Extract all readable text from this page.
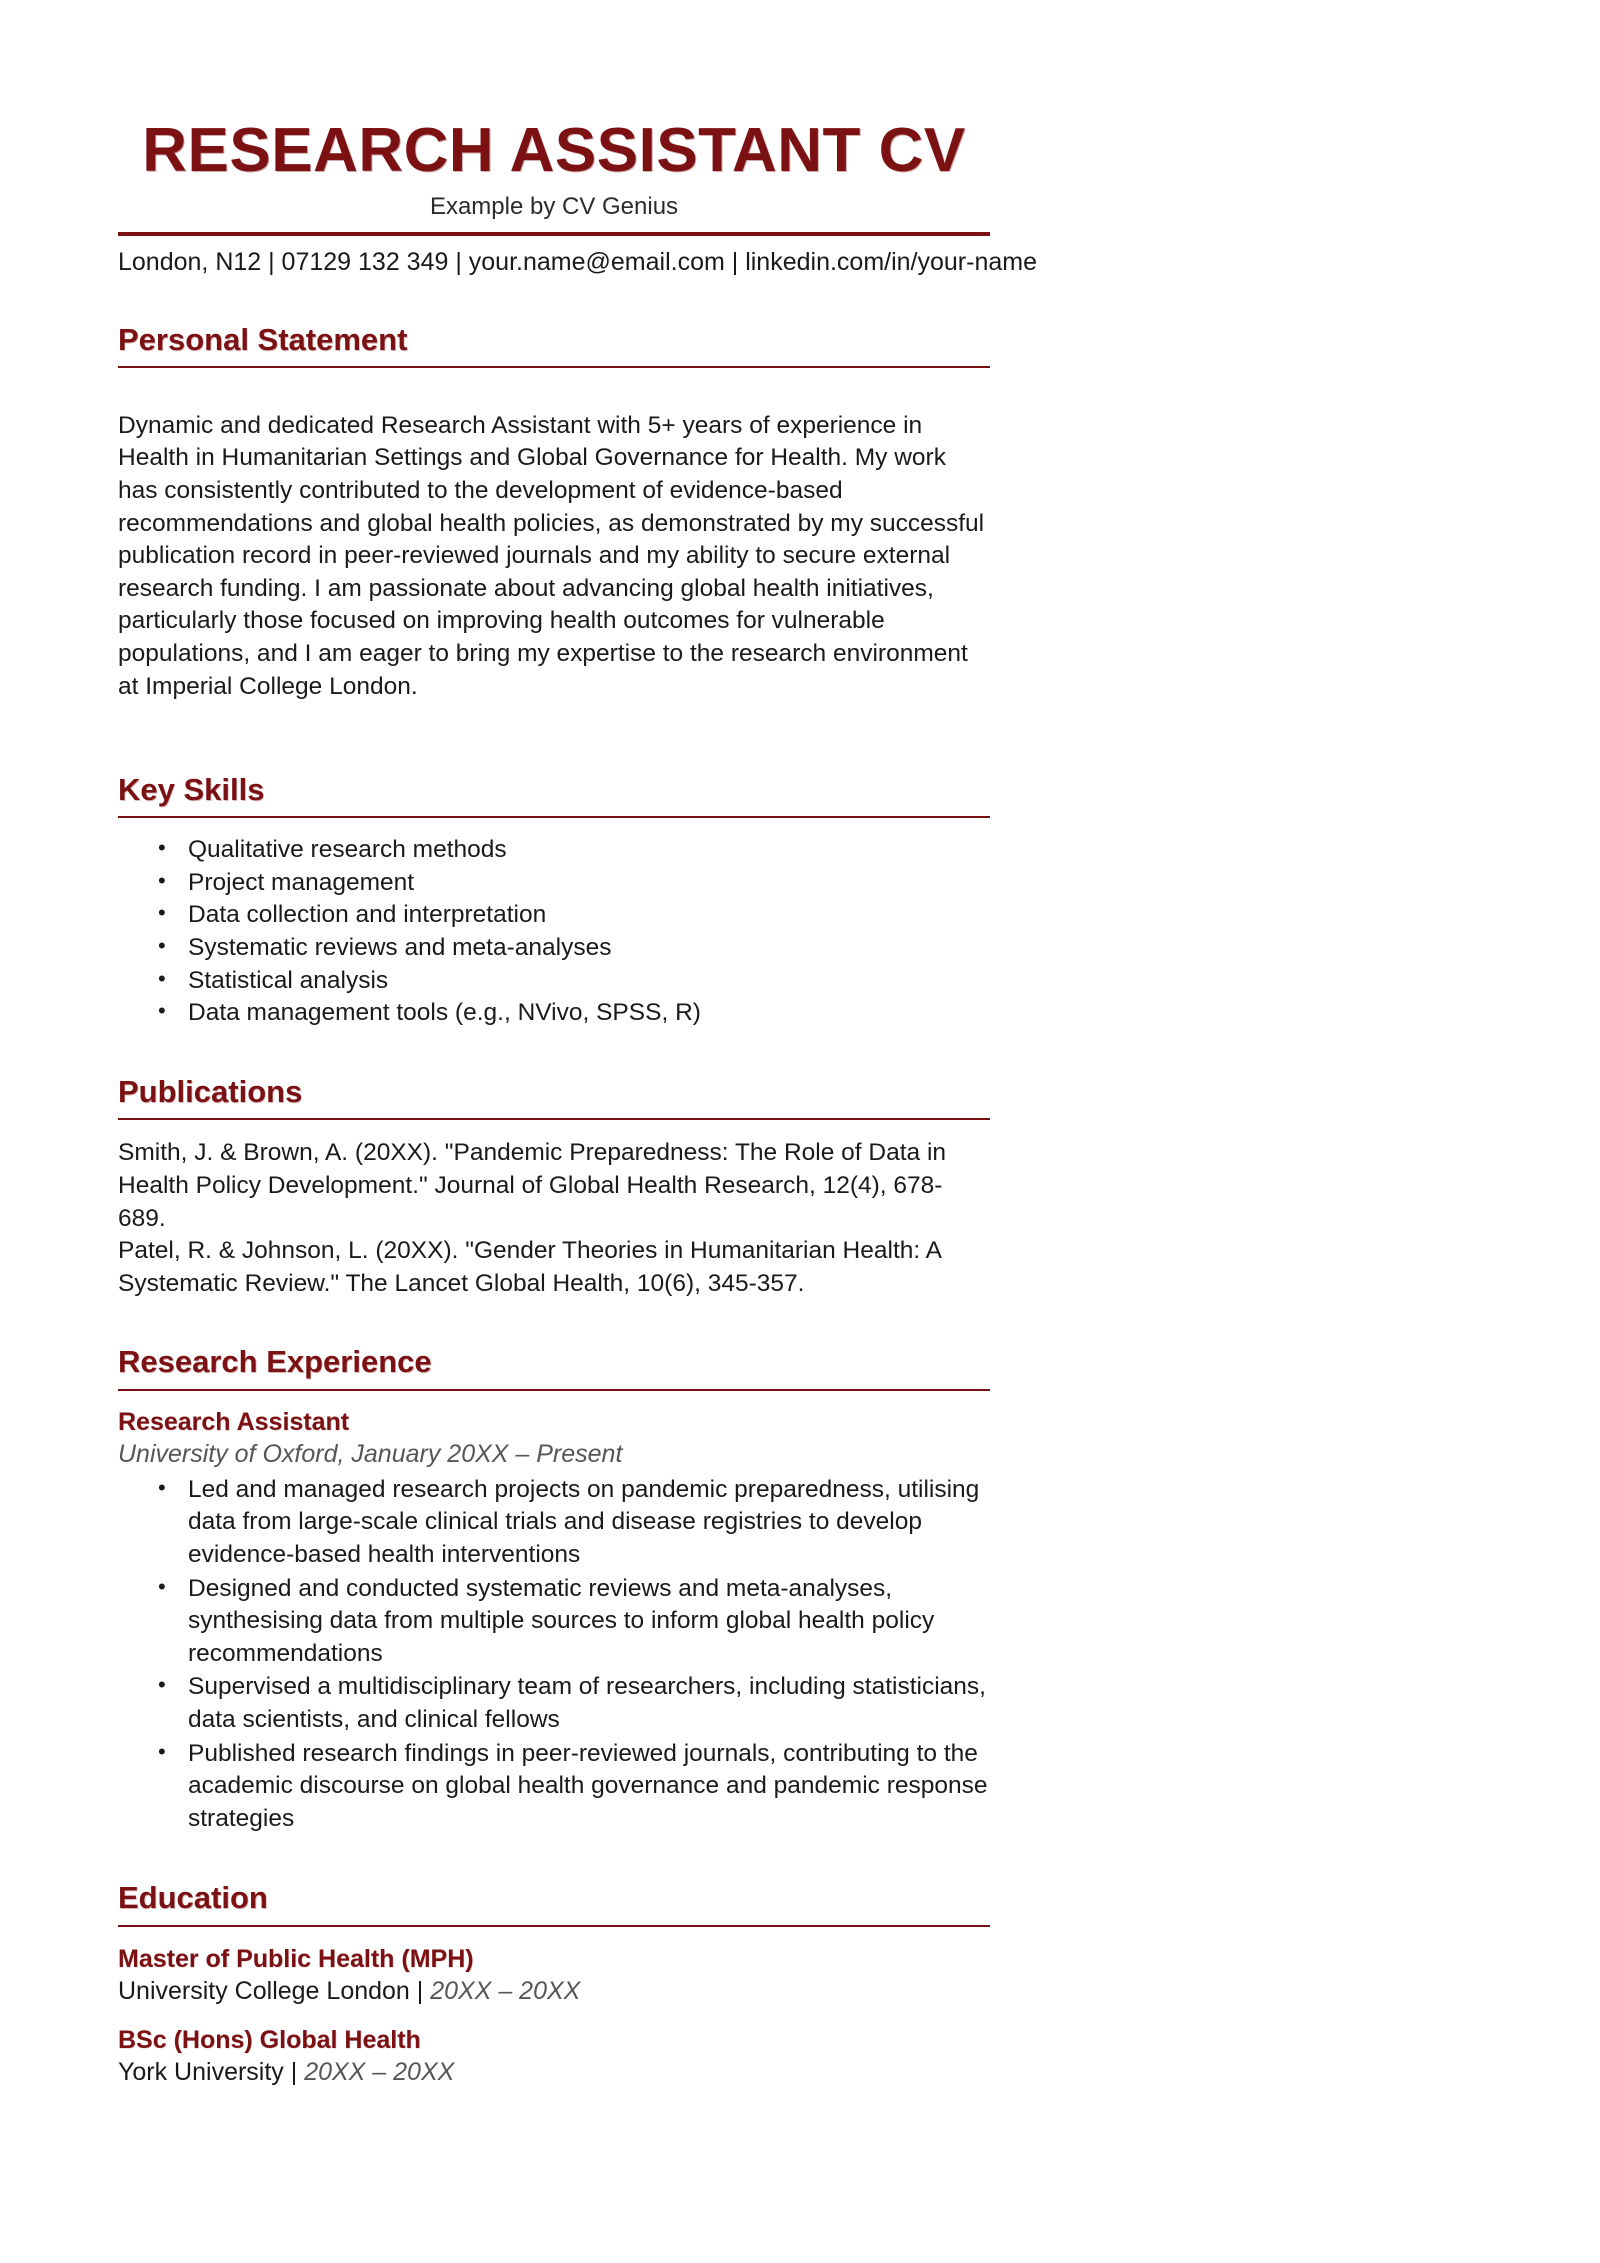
RESEARCH ASSISTANT CV

Example by CV Genius

London, N12 | 07129 132 349 | your.name@email.com | linkedin.com/in/your-name
Personal Statement

Dynamic and dedicated Research Assistant with 5+ years of experience in Health in Humanitarian Settings and Global Governance for Health. My work has consistently contributed to the development of evidence-based recommendations and global health policies, as demonstrated by my successful publication record in peer-reviewed journals and my ability to secure external research funding. I am passionate about advancing global health initiatives, particularly those focused on improving health outcomes for vulnerable populations, and I am eager to bring my expertise to the research environment at Imperial College London.

Key Skills
• Qualitative research methods
• Project management
• Data collection and interpretation
• Systematic reviews and meta-analyses
• Statistical analysis
• Data management tools (e.g., NVivo, SPSS, R)
Publications
Smith, J. & Brown, A. (20XX). "Pandemic Preparedness: The Role of Data in Health Policy Development." Journal of Global Health Research, 12(4), 678-689.
Patel, R. & Johnson, L. (20XX). "Gender Theories in Humanitarian Health: A Systematic Review." The Lancet Global Health, 10(6), 345-357.
Research Experience
Research Assistant

University of Oxford, January 20XX – Present

• Led and managed research projects on pandemic preparedness, utilising data from large-scale clinical trials and disease registries to develop evidence-based health interventions
• Designed and conducted systematic reviews and meta-analyses, synthesising data from multiple sources to inform global health policy recommendations
• Supervised a multidisciplinary team of researchers, including statisticians, data scientists, and clinical fellows
• Published research findings in peer-reviewed journals, contributing to the academic discourse on global health governance and pandemic response strategies
Education
Master of Public Health (MPH)

University College London | 20XX – 20XX

BSc (Hons) Global Health

York University | 20XX – 20XX
